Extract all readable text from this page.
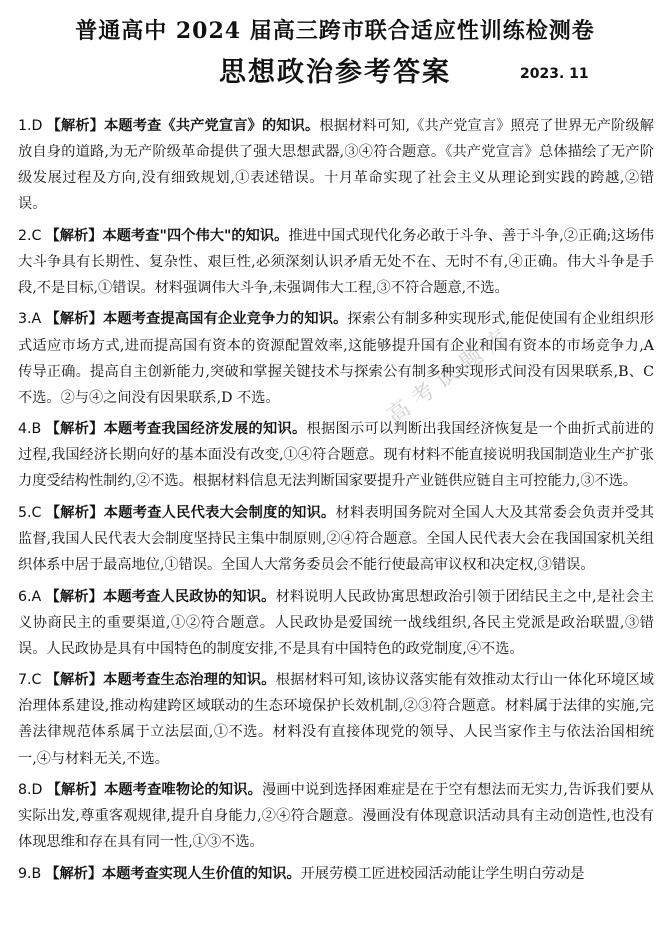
普通高中 2024 届高三跨市联合适应性训练检测卷
思想政治参考答案	2023. 11
1.D 【解析】本题考查《共产党宣言》的知识。根据材料可知,《共产党宣言》照亮了世界无产阶级解放自身的道路,为无产阶级革命提供了强大思想武器,③④符合题意。《共产党宣言》总体描绘了无产阶级发展过程及方向,没有细致规划,①表述错误。十月革命实现了社会主义从理论到实践的跨越,②错误。
2.C 【解析】本题考查"四个伟大"的知识。推进中国式现代化务必敢于斗争、善于斗争,②正确;这场伟大斗争具有长期性、复杂性、艰巨性,必须深刻认识矛盾无处不在、无时不有,④正确。伟大斗争是手段,不是目标,①错误。材料强调伟大斗争,未强调伟大工程,③不符合题意,不选。
3.A 【解析】本题考查提高国有企业竞争力的知识。探索公有制多种实现形式,能促使国有企业组织形式适应市场方式,进而提高国有资本的资源配置效率,这能够提升国有企业和国有资本的市场竞争力,A 传导正确。提高自主创新能力,突破和掌握关键技术与探索公有制多种实现形式间没有因果联系,B、C 不选。②与④之间没有因果联系,D 不选。
4.B 【解析】本题考查我国经济发展的知识。根据图示可以判断出我国经济恢复是一个曲折式前进的过程,我国经济长期向好的基本面没有改变,①④符合题意。现有材料不能直接说明我国制造业生产扩张力度受结构性制约,②不选。根据材料信息无法判断国家要提升产业链供应链自主可控能力,③不选。
5.C 【解析】本题考查人民代表大会制度的知识。材料表明国务院对全国人大及其常委会负责并受其监督,我国人民代表大会制度坚持民主集中制原则,②④符合题意。全国人民代表大会在我国国家机关组织体系中居于最高地位,①错误。全国人大常务委员会不能行使最高审议权和决定权,③错误。
6.A 【解析】本题考查人民政协的知识。材料说明人民政协寓思想政治引领于团结民主之中,是社会主义协商民主的重要渠道,①②符合题意。人民政协是爱国统一战线组织,各民主党派是政治联盟,③错误。人民政协是具有中国特色的制度安排,不是具有中国特色的政党制度,④不选。
7.C 【解析】本题考查生态治理的知识。根据材料可知,该协议落实能有效推动太行山一体化环境区域治理体系建设,推动构建跨区域联动的生态环境保护长效机制,②③符合题意。材料属于法律的实施,完善法律规范体系属于立法层面,①不选。材料没有直接体现党的领导、人民当家作主与依法治国相统一,④与材料无关,不选。
8.D 【解析】本题考查唯物论的知识。漫画中说到选择困难症是在于空有想法而无实力,告诉我们要从实际出发,尊重客观规律,提升自身能力,②④符合题意。漫画没有体现意识活动具有主动创造性,也没有体现思维和存在具有同一性,①③不选。
9.B 【解析】本题考查实现人生价值的知识。开展劳模工匠进校园活动能让学生明白劳动是
高考试题库
